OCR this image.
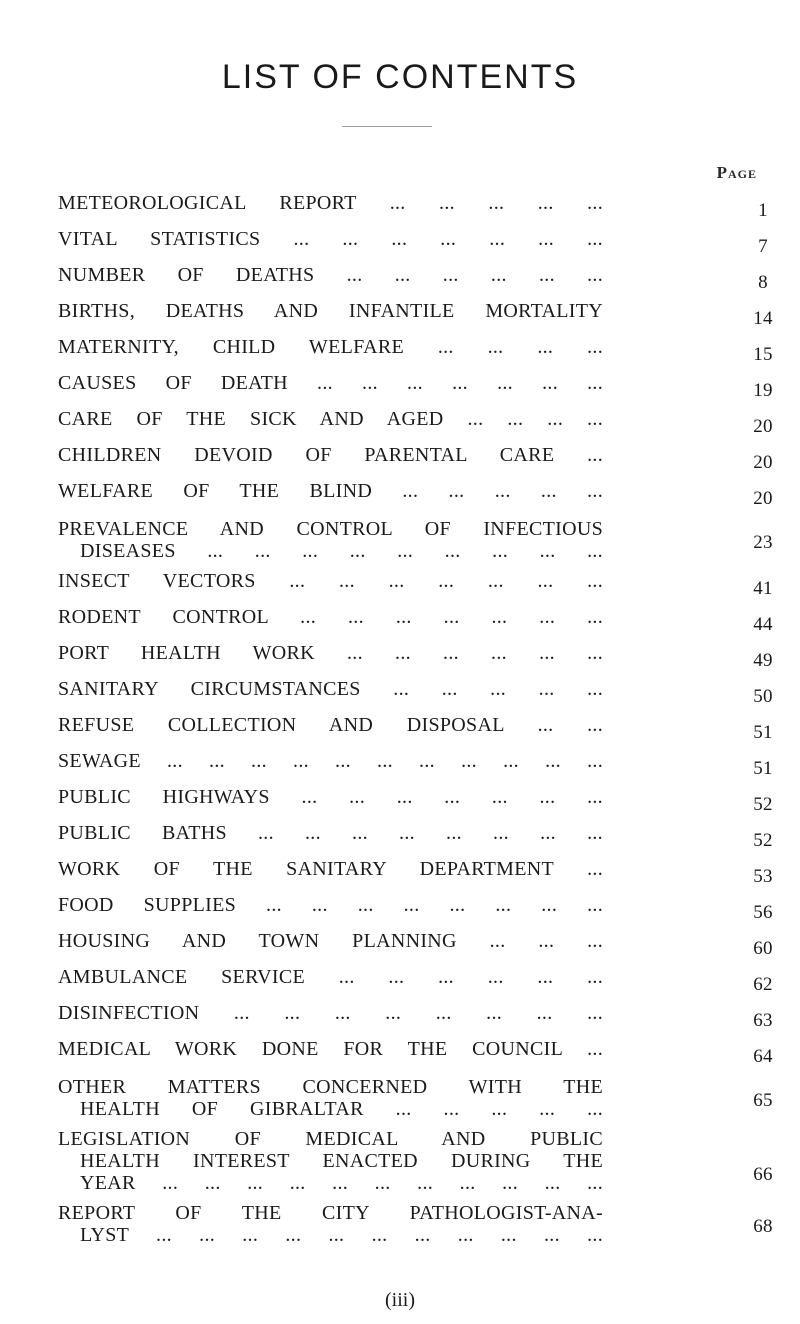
LIST OF CONTENTS
Page
METEOROLOGICAL REPORT ... ... ... ... ...	1
VITAL STATISTICS ... ... ... ... ... ... ...	7
NUMBER OF DEATHS ... ... ... ... ... ...	8
BIRTHS, DEATHS AND INFANTILE MORTALITY	14
MATERNITY, CHILD WELFARE ... ... ... ...	15
CAUSES OF DEATH ... ... ... ... ... ... ...	19
CARE OF THE SICK AND AGED ... ... ... ...	20
CHILDREN DEVOID OF PARENTAL CARE ...	20
WELFARE OF THE BLIND ... ... ... ... ...	20
PREVALENCE AND CONTROL OF INFECTIOUS
DISEASES ... ... ... ... ... ... ... ... ...	23
INSECT VECTORS ... ... ... ... ... ... ...	41
RODENT CONTROL ... ... ... ... ... ... ...	44
PORT HEALTH WORK ... ... ... ... ... ...	49
SANITARY CIRCUMSTANCES ... ... ... ... ...	50
REFUSE COLLECTION AND DISPOSAL ... ...	51
SEWAGE ... ... ... ... ... ... ... ... ... ... ...	51
PUBLIC HIGHWAYS ... ... ... ... ... ... ...	52
PUBLIC BATHS ... ... ... ... ... ... ... ...	52
WORK OF THE SANITARY DEPARTMENT ...	53
FOOD SUPPLIES ... ... ... ... ... ... ... ...	56
HOUSING AND TOWN PLANNING ... ... ...	60
AMBULANCE SERVICE ... ... ... ... ... ...	62
DISINFECTION ... ... ... ... ... ... ... ...	63
MEDICAL WORK DONE FOR THE COUNCIL ...	64
OTHER MATTERS CONCERNED WITH THE
HEALTH OF GIBRALTAR ... ... ... ... ...	65
LEGISLATION OF MEDICAL AND PUBLIC
HEALTH INTEREST ENACTED DURING THE
YEAR ... ... ... ... ... ... ... ... ... ... ...	66
REPORT OF THE CITY PATHOLOGIST-ANA-
LYST ... ... ... ... ... ... ... ... ... ... ...	68
(iii)
